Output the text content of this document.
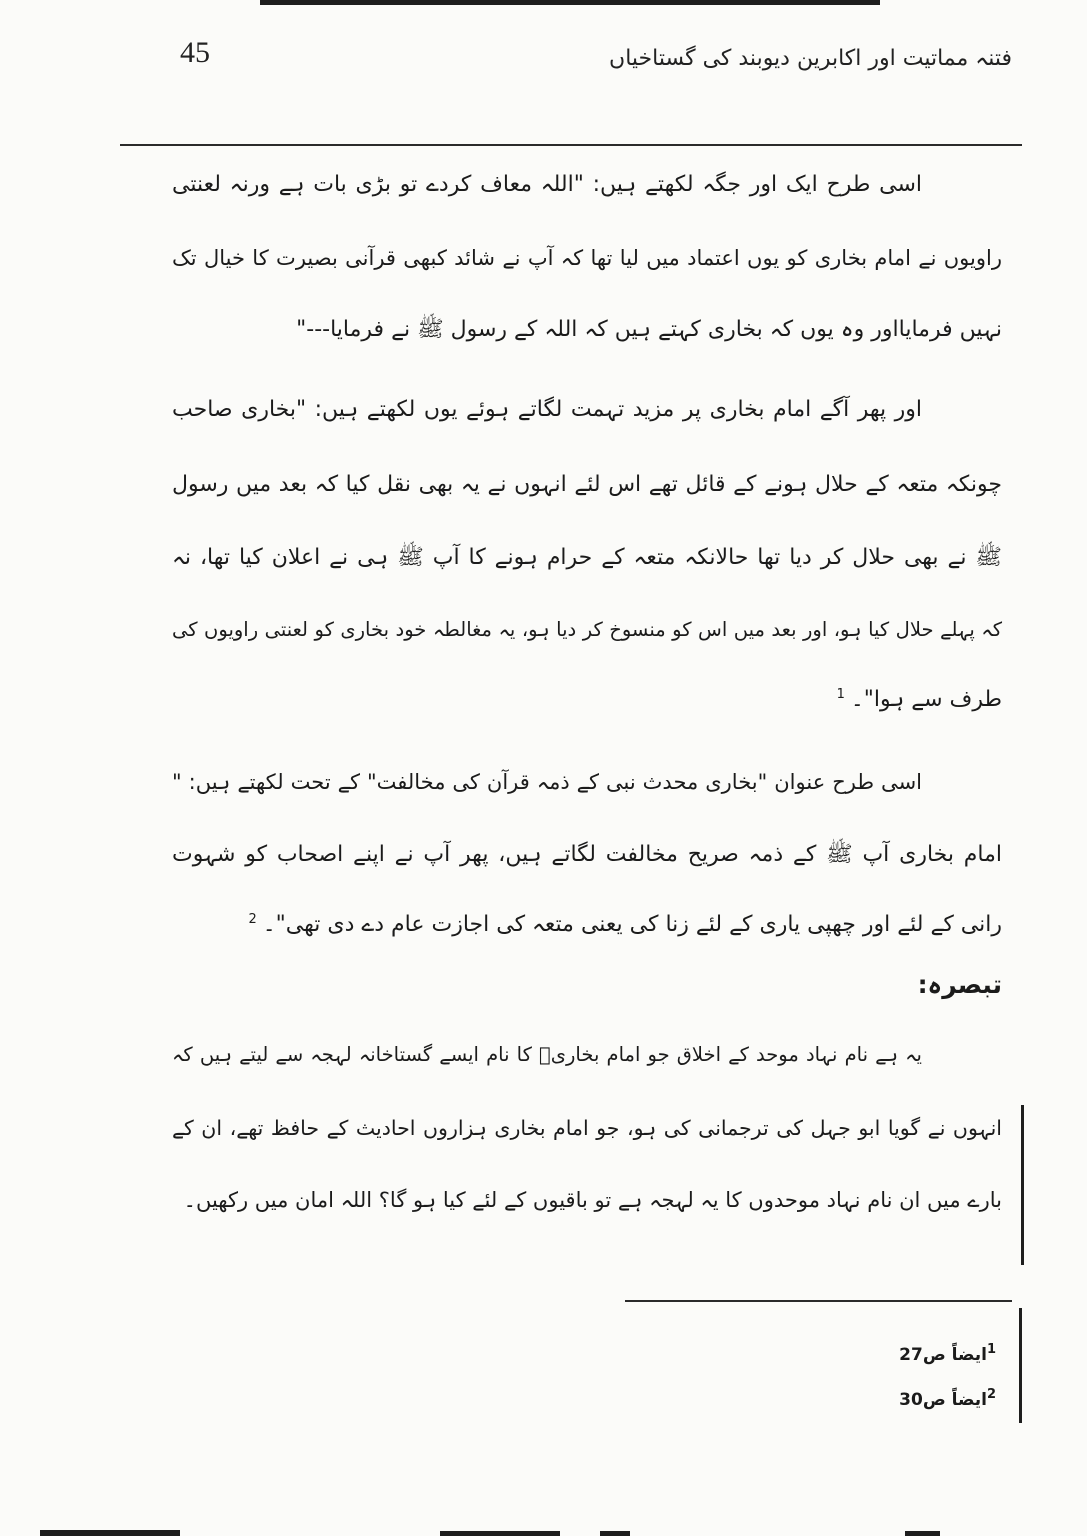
45	فتنہ مماتیت اور اکابرین دیوبند کی گستاخیاں
اسی طرح ایک اور جگہ لکھتے ہیں: "اللہ معاف کردے تو بڑی بات ہے ورنہ لعنتی
راویوں نے امام بخاری کو یوں اعتماد میں لیا تھا کہ آپ نے شائد کبھی قرآنی بصیرت کا خیال تک
نہیں فرمایااور وہ یوں کہ بخاری کہتے ہیں کہ اللہ کے رسول ﷺ نے فرمایا---"
اور پھر آگے امام بخاری پر مزید تہمت لگاتے ہوئے یوں لکھتے ہیں: "بخاری صاحب
چونکہ متعہ کے حلال ہونے کے قائل تھے اس لئے انہوں نے یہ بھی نقل کیا کہ بعد میں رسول
ﷺ نے بھی حلال کر دیا تھا حالانکہ متعہ کے حرام ہونے کا آپ ﷺ ہی نے اعلان کیا تھا، نہ
کہ پہلے حلال کیا ہو، اور بعد میں اس کو منسوخ کر دیا ہو، یہ مغالطہ خود بخاری کو لعنتی راویوں کی
طرف سے ہوا"۔$^1$
اسی طرح عنوان "بخاری محدث نبی کے ذمہ قرآن کی مخالفت" کے تحت لکھتے ہیں: "
امام بخاری آپ ﷺ کے ذمہ صریح مخالفت لگاتے ہیں، پھر آپ نے اپنے اصحاب کو شہوت
رانی کے لئے اور چھپی یاری کے لئے زنا کی یعنی متعہ کی اجازت عام دے دی تھی"۔$^2$
تبصرہ:
یہ ہے نام نہاد موحد کے اخلاق جو امام بخاریؒ کا نام ایسے گستاخانہ لہجہ سے لیتے ہیں کہ
انہوں نے گویا ابو جہل کی ترجمانی کی ہو، جو امام بخاری ہزاروں احادیث کے حافظ تھے، ان کے
بارے میں ان نام نہاد موحدوں کا یہ لہجہ ہے تو باقیوں کے لئے کیا ہو گا؟ اللہ امان میں رکھیں۔
$^1$ایضاً ص27
$^2$ایضاً ص30
